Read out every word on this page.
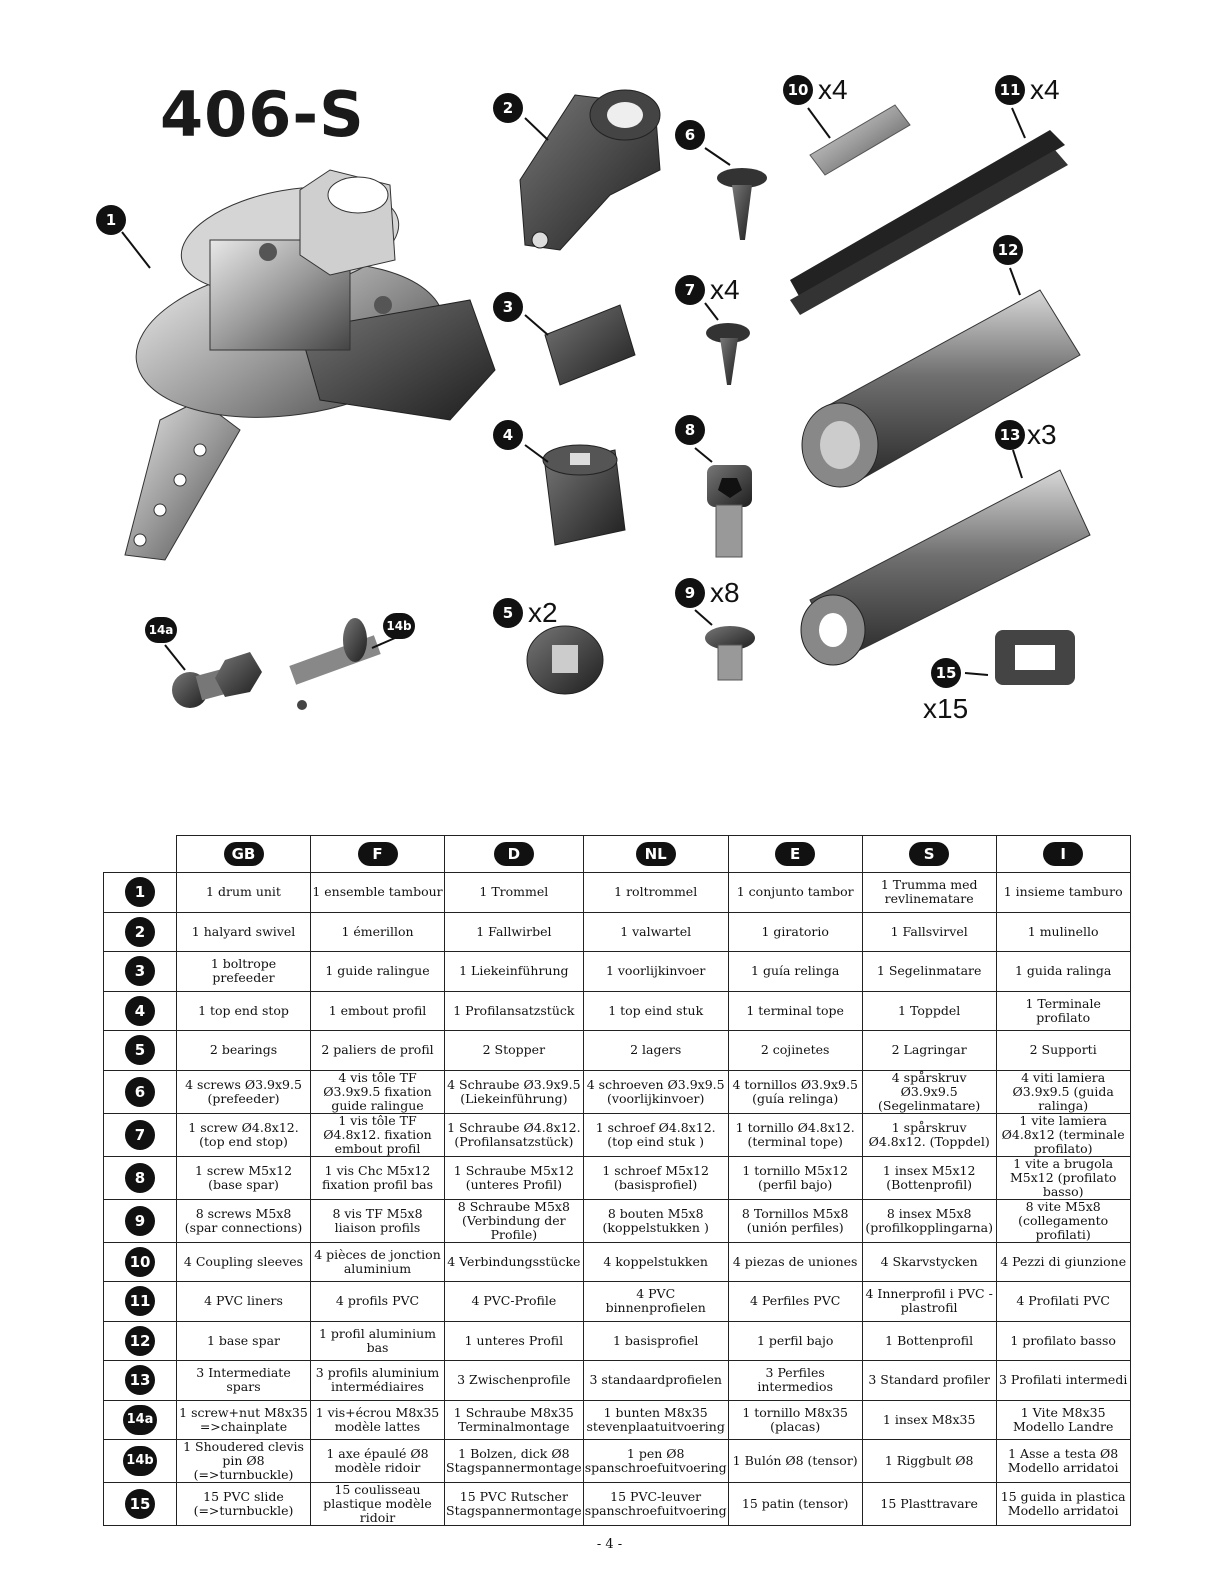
406-S
1
2
3
4
5 x2
6
7 x4
8
9 x8
10 x4	11 x4
12
13 x3
14a	14b
15
x15
	GB	F	D	NL	E	S	I
1	1 drum unit	1 ensemble tambour	1 Trommel	1 roltrommel	1 conjunto tambor	1 Trumma med revlinematare	1 insieme tamburo
2	1 halyard swivel	1 émerillon	1 Fallwirbel	1 valwartel	1 giratorio	1 Fallsvirvel	1 mulinello
3	1 boltrope prefeeder	1 guide ralingue	1 Liekeinführung	1 voorlijkinvoer	1 guía relinga	1 Segelinmatare	1 guida ralinga
4	1 top end stop	1 embout profil	1 Profilansatzstück	1 top eind stuk	1 terminal tope	1 Toppdel	1 Terminale profilato
5	2 bearings	2 paliers de profil	2 Stopper	2 lagers	2 cojinetes	2 Lagringar	2 Supporti
6	4 screws Ø3.9x9.5 (prefeeder)	4 vis tôle TF Ø3.9x9.5 fixation guide ralingue	4 Schraube Ø3.9x9.5 (Liekeinführung)	4 schroeven Ø3.9x9.5 (voorlijkinvoer)	4 tornillos Ø3.9x9.5 (guía relinga)	4 spårskruv Ø3.9x9.5 (Segelinmatare)	4 viti lamiera Ø3.9x9.5 (guida ralinga)
7	1 screw Ø4.8x12. (top end stop)	1 vis tôle TF Ø4.8x12. fixation embout profil	1 Schraube Ø4.8x12. (Profilansatzstück)	1 schroef Ø4.8x12. (top eind stuk )	1 tornillo Ø4.8x12. (terminal tope)	1 spårskruv Ø4.8x12. (Toppdel)	1 vite lamiera Ø4.8x12 (terminale profilato)
8	1 screw M5x12 (base spar)	1 vis Chc M5x12 fixation profil bas	1 Schraube M5x12 (unteres Profil)	1 schroef M5x12 (basisprofiel)	1 tornillo M5x12 (perfil bajo)	1 insex M5x12 (Bottenprofil)	1 vite a brugola M5x12 (profilato basso)
9	8 screws M5x8 (spar connections)	8 vis TF M5x8 liaison profils	8 Schraube M5x8 (Verbindung der Profile)	8 bouten M5x8 (koppelstukken )	8 Tornillos M5x8 (unión perfiles)	8 insex M5x8 (profilkopplingarna)	8 vite M5x8 (collegamento profilati)
10	4 Coupling sleeves	4 pièces de jonction aluminium	4 Verbindungsstücke	4 koppelstukken	4 piezas de uniones	4 Skarvstycken	4 Pezzi di giunzione
11	4 PVC liners	4 profils PVC	4 PVC-Profile	4 PVC binnenprofielen	4 Perfiles PVC	4 Innerprofil i PVC - plastrofil	4 Profilati PVC
12	1 base spar	1 profil aluminium bas	1 unteres Profil	1 basisprofiel	1 perfil bajo	1 Bottenprofil	1 profilato basso
13	3 Intermediate spars	3 profils aluminium intermédiaires	3 Zwischenprofile	3 standaardprofielen	3 Perfiles intermedios	3 Standard profiler	3 Profilati intermedi
14a	1 screw+nut M8x35 =>chainplate	1 vis+écrou M8x35 modèle lattes	1 Schraube M8x35 Terminalmontage	1 bunten M8x35 stevenplaatuitvoering	1 tornillo M8x35 (placas)	1 insex M8x35	1 Vite M8x35 Modello Landre
14b	1 Shoudered clevis pin Ø8 (=>turnbuckle)	1 axe épaulé Ø8 modèle ridoir	1 Bolzen, dick Ø8 Stagspannermontage	1 pen Ø8 spanschroefuitvoering	1 Bulón Ø8 (tensor)	1 Riggbult Ø8	1 Asse a testa Ø8 Modello arridatoi
15	15 PVC slide (=>turnbuckle)	15 coulisseau plastique modèle ridoir	15 PVC Rutscher Stagspannermontage	15 PVC-leuver spanschroefuitvoering	15 patin (tensor)	15 Plasttravare	15 guida in plastica Modello arridatoi
- 4 -
